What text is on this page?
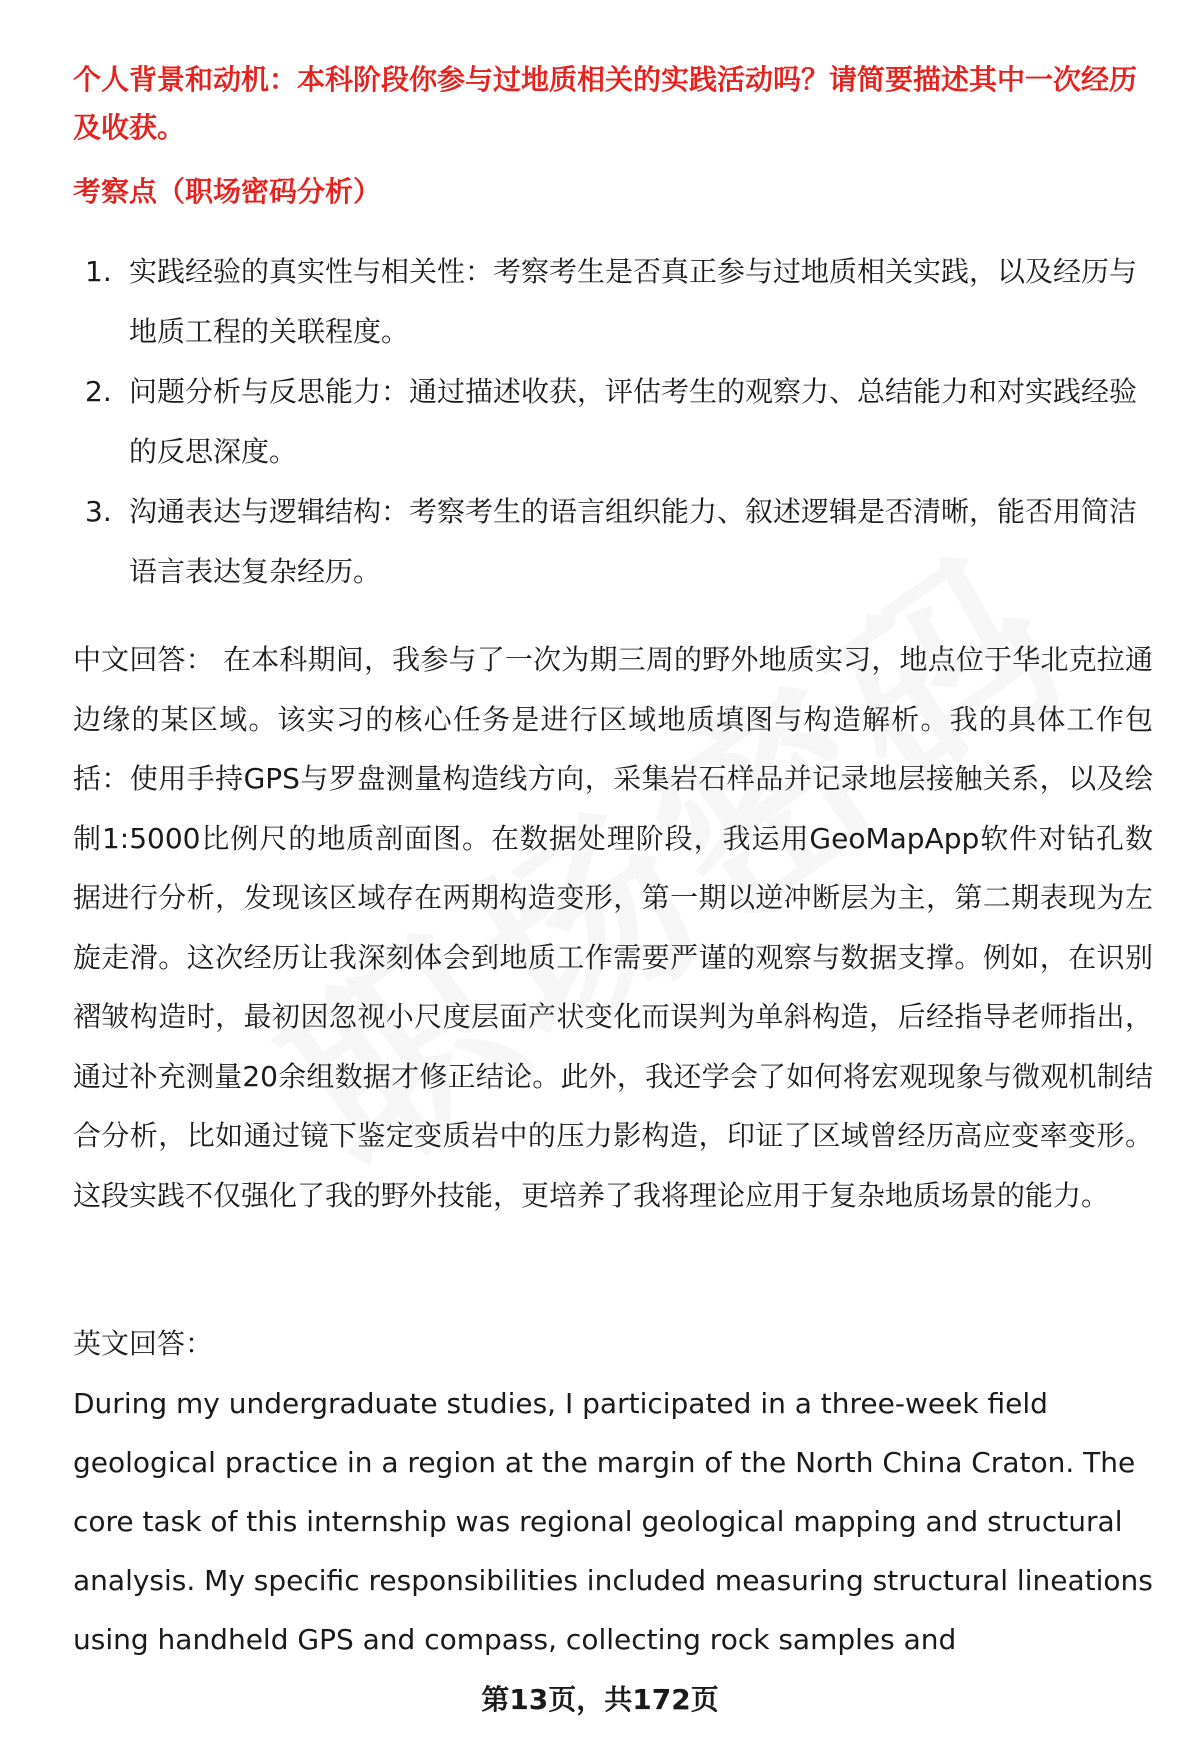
个人背景和动机：本科阶段你参与过地质相关的实践活动吗？请简要描述其中一次经历及收获。
考察点（职场密码分析）
1. 实践经验的真实性与相关性：考察考生是否真正参与过地质相关实践，以及经历与地质工程的关联程度。
2. 问题分析与反思能力：通过描述收获，评估考生的观察力、总结能力和对实践经验的反思深度。
3. 沟通表达与逻辑结构：考察考生的语言组织能力、叙述逻辑是否清晰，能否用简洁语言表达复杂经历。
中文回答： 在本科期间，我参与了一次为期三周的野外地质实习，地点位于华北克拉通边缘的某区域。该实习的核心任务是进行区域地质填图与构造解析。我的具体工作包括：使用手持GPS与罗盘测量构造线方向，采集岩石样品并记录地层接触关系，以及绘制1:5000比例尺的地质剖面图。在数据处理阶段，我运用GeoMapApp软件对钻孔数据进行分析，发现该区域存在两期构造变形，第一期以逆冲断层为主，第二期表现为左旋走滑。这次经历让我深刻体会到地质工作需要严谨的观察与数据支撑。例如，在识别褶皱构造时，最初因忽视小尺度层面产状变化而误判为单斜构造，后经指导老师指出，通过补充测量20余组数据才修正结论。此外，我还学会了如何将宏观现象与微观机制结合分析，比如通过镜下鉴定变质岩中的压力影构造，印证了区域曾经历高应变率变形。这段实践不仅强化了我的野外技能，更培养了我将理论应用于复杂地质场景的能力。
英文回答：
During my undergraduate studies, I participated in a three-week field geological practice in a region at the margin of the North China Craton. The core task of this internship was regional geological mapping and structural analysis. My specific responsibilities included measuring structural lineations using handheld GPS and compass, collecting rock samples and
第13页，共172页
